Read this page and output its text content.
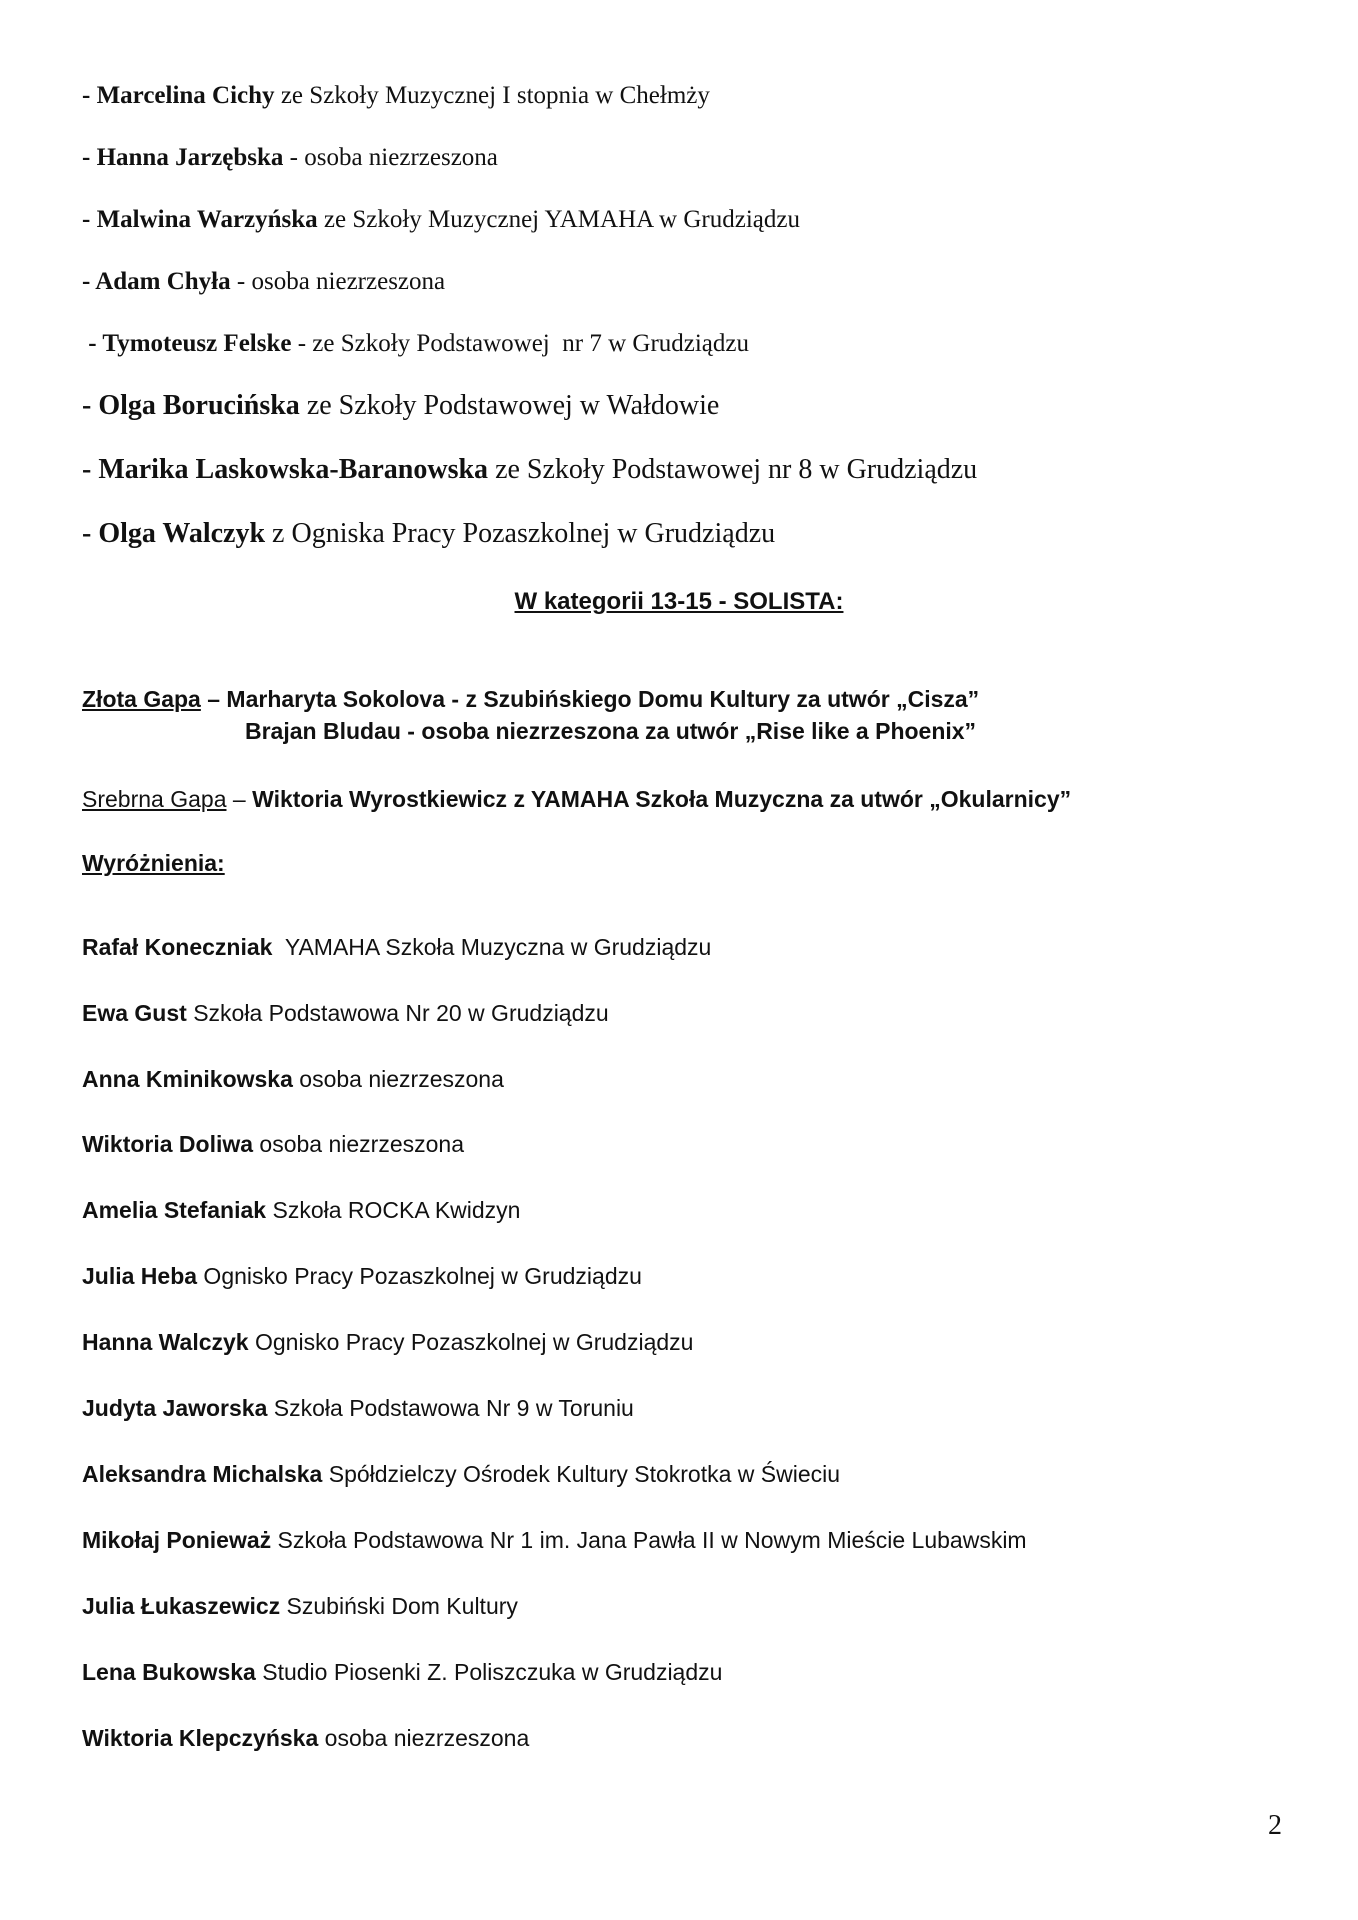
- Marcelina Cichy ze Szkoły Muzycznej I stopnia w Chełmży
- Hanna Jarzębska - osoba niezrzeszona
- Malwina Warzyńska ze Szkoły Muzycznej YAMAHA w Grudziądzu
- Adam Chyła - osoba niezrzeszona
- Tymoteusz Felske - ze Szkoły Podstawowej  nr 7 w Grudziądzu
- Olga Borucińska ze Szkoły Podstawowej w Wałdowie
- Marika Laskowska-Baranowska ze Szkoły Podstawowej nr 8 w Grudziądzu
- Olga Walczyk z Ogniska Pracy Pozaszkolnej w Grudziądzu
W kategorii 13-15 - SOLISTA:
Złota Gapa – Marharyta Sokolova - z Szubińskiego Domu Kultury za utwór „Cisza”
Brajan Bludau - osoba niezrzeszona za utwór „Rise like a Phoenix”
Srebrna Gapa – Wiktoria Wyrostkiewicz z YAMAHA Szkoła Muzyczna za utwór „Okularnicy”
Wyróżnienia:
Rafał Koneczniak  YAMAHA Szkoła Muzyczna w Grudziądzu
Ewa Gust Szkoła Podstawowa Nr 20 w Grudziądzu
Anna Kminikowska osoba niezrzeszona
Wiktoria Doliwa osoba niezrzeszona
Amelia Stefaniak Szkoła ROCKA Kwidzyn
Julia Heba Ognisko Pracy Pozaszkolnej w Grudziądzu
Hanna Walczyk Ognisko Pracy Pozaszkolnej w Grudziądzu
Judyta Jaworska Szkoła Podstawowa Nr 9 w Toruniu
Aleksandra Michalska Spółdzielczy Ośrodek Kultury Stokrotka w Świeciu
Mikołaj Ponieważ Szkoła Podstawowa Nr 1 im. Jana Pawła II w Nowym Mieście Lubawskim
Julia Łukaszewicz Szubiński Dom Kultury
Lena Bukowska Studio Piosenki Z. Poliszczuka w Grudziądzu
Wiktoria Klepczyńska osoba niezrzeszona
2
